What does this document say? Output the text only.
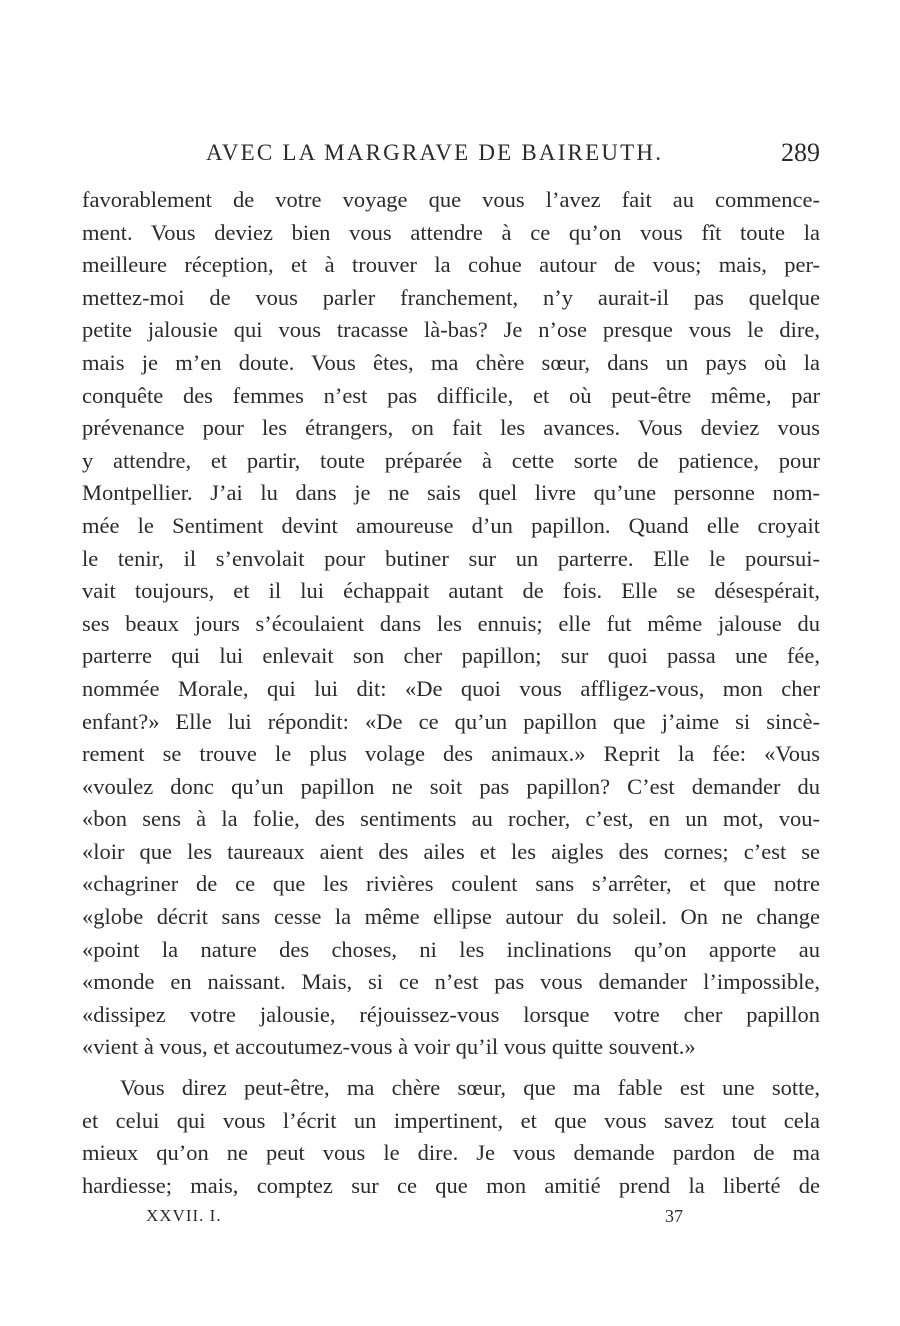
AVEC LA MARGRAVE DE BAIREUTH.	289
favorablement de votre voyage que vous l’avez fait au commence-
ment. Vous deviez bien vous attendre à ce qu’on vous fît toute la
meilleure réception, et à trouver la cohue autour de vous; mais, per-
mettez-moi de vous parler franchement, n’y aurait-il pas quelque
petite jalousie qui vous tracasse là-bas? Je n’ose presque vous le dire,
mais je m’en doute. Vous êtes, ma chère sœur, dans un pays où la
conquête des femmes n’est pas difficile, et où peut-être même, par
prévenance pour les étrangers, on fait les avances. Vous deviez vous
y attendre, et partir, toute préparée à cette sorte de patience, pour
Montpellier. J’ai lu dans je ne sais quel livre qu’une personne nom-
mée le Sentiment devint amoureuse d’un papillon. Quand elle croyait
le tenir, il s’envolait pour butiner sur un parterre. Elle le poursui-
vait toujours, et il lui échappait autant de fois. Elle se désespérait,
ses beaux jours s’écoulaient dans les ennuis; elle fut même jalouse du
parterre qui lui enlevait son cher papillon; sur quoi passa une fée,
nommée Morale, qui lui dit: «De quoi vous affligez-vous, mon cher
enfant?» Elle lui répondit: «De ce qu’un papillon que j’aime si sincè-
rement se trouve le plus volage des animaux.» Reprit la fée: «Vous
«voulez donc qu’un papillon ne soit pas papillon? C’est demander du
«bon sens à la folie, des sentiments au rocher, c’est, en un mot, vou-
«loir que les taureaux aient des ailes et les aigles des cornes; c’est se
«chagriner de ce que les rivières coulent sans s’arrêter, et que notre
«globe décrit sans cesse la même ellipse autour du soleil. On ne change
«point la nature des choses, ni les inclinations qu’on apporte au
«monde en naissant. Mais, si ce n’est pas vous demander l’impossible,
«dissipez votre jalousie, réjouissez-vous lorsque votre cher papillon
«vient à vous, et accoutumez-vous à voir qu’il vous quitte souvent.»
Vous direz peut-être, ma chère sœur, que ma fable est une sotte,
et celui qui vous l’écrit un impertinent, et que vous savez tout cela
mieux qu’on ne peut vous le dire. Je vous demande pardon de ma
hardiesse; mais, comptez sur ce que mon amitié prend la liberté de
XXVII. I.	37
